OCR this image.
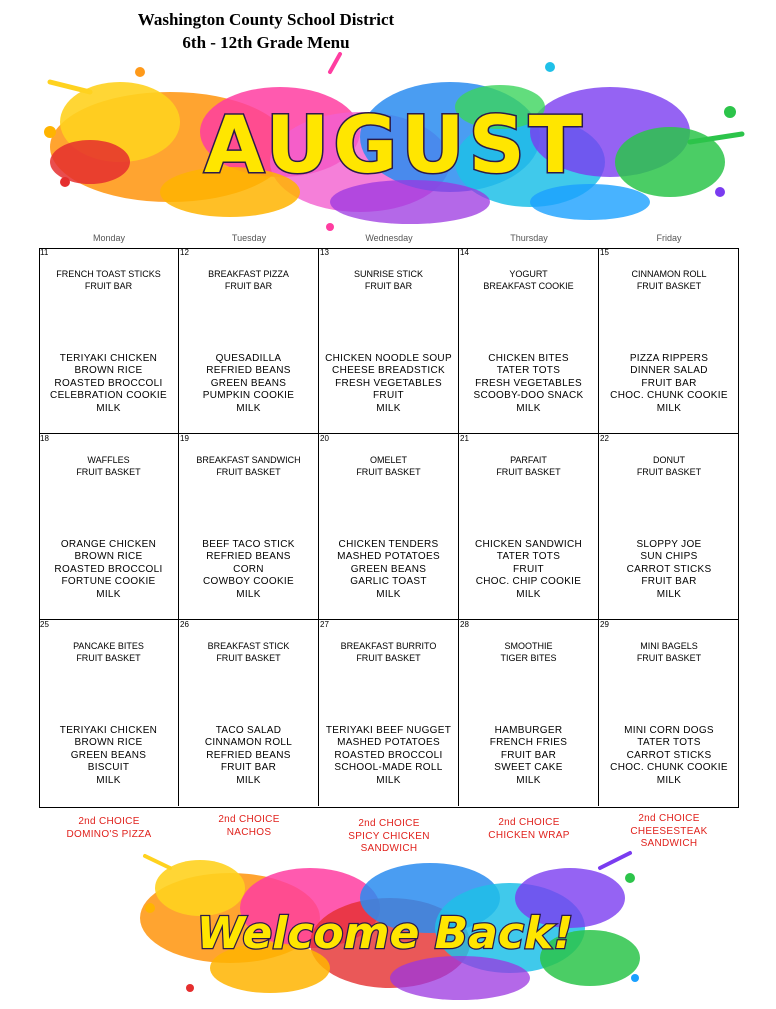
Washington County School District
6th - 12th Grade Menu
AUGUST
Monday	Tuesday	Wednesday	Thursday	Friday
11
FRENCH TOAST STICKS
FRUIT BAR
TERIYAKI CHICKEN
BROWN RICE
ROASTED BROCCOLI
CELEBRATION COOKIE
MILK
12
BREAKFAST PIZZA
FRUIT BAR
QUESADILLA
REFRIED BEANS
GREEN BEANS
PUMPKIN COOKIE
MILK
13
SUNRISE STICK
FRUIT BAR
CHICKEN NOODLE SOUP
CHEESE BREADSTICK
FRESH VEGETABLES
FRUIT
MILK
14
YOGURT
BREAKFAST COOKIE
CHICKEN BITES
TATER TOTS
FRESH VEGETABLES
SCOOBY-DOO SNACK
MILK
15
CINNAMON ROLL
FRUIT BASKET
PIZZA RIPPERS
DINNER SALAD
FRUIT BAR
CHOC. CHUNK COOKIE
MILK
18
WAFFLES
FRUIT BASKET
ORANGE CHICKEN
BROWN RICE
ROASTED BROCCOLI
FORTUNE COOKIE
MILK
19
BREAKFAST SANDWICH
FRUIT BASKET
BEEF TACO STICK
REFRIED BEANS
CORN
COWBOY COOKIE
MILK
20
OMELET
FRUIT BASKET
CHICKEN TENDERS
MASHED POTATOES
GREEN BEANS
GARLIC TOAST
MILK
21
PARFAIT
FRUIT BASKET
CHICKEN SANDWICH
TATER TOTS
FRUIT
CHOC. CHIP COOKIE
MILK
22
DONUT
FRUIT BASKET
SLOPPY JOE
SUN CHIPS
CARROT STICKS
FRUIT BAR
MILK
25
PANCAKE BITES
FRUIT BASKET
TERIYAKI CHICKEN
BROWN RICE
GREEN BEANS
BISCUIT
MILK
26
BREAKFAST STICK
FRUIT BASKET
TACO SALAD
CINNAMON ROLL
REFRIED BEANS
FRUIT BAR
MILK
27
BREAKFAST BURRITO
FRUIT BASKET
TERIYAKI BEEF NUGGET
MASHED POTATOES
ROASTED BROCCOLI
SCHOOL-MADE ROLL
MILK
28
SMOOTHIE
TIGER BITES
HAMBURGER
FRENCH FRIES
FRUIT BAR
SWEET CAKE
MILK
29
MINI BAGELS
FRUIT BASKET
MINI CORN DOGS
TATER TOTS
CARROT STICKS
CHOC. CHUNK COOKIE
MILK
2nd CHOICE
DOMINO'S PIZZA
2nd CHOICE
NACHOS
2nd CHOICE
SPICY CHICKEN
SANDWICH
2nd CHOICE
CHICKEN WRAP
2nd CHOICE
CHEESESTEAK
SANDWICH
Welcome Back!
